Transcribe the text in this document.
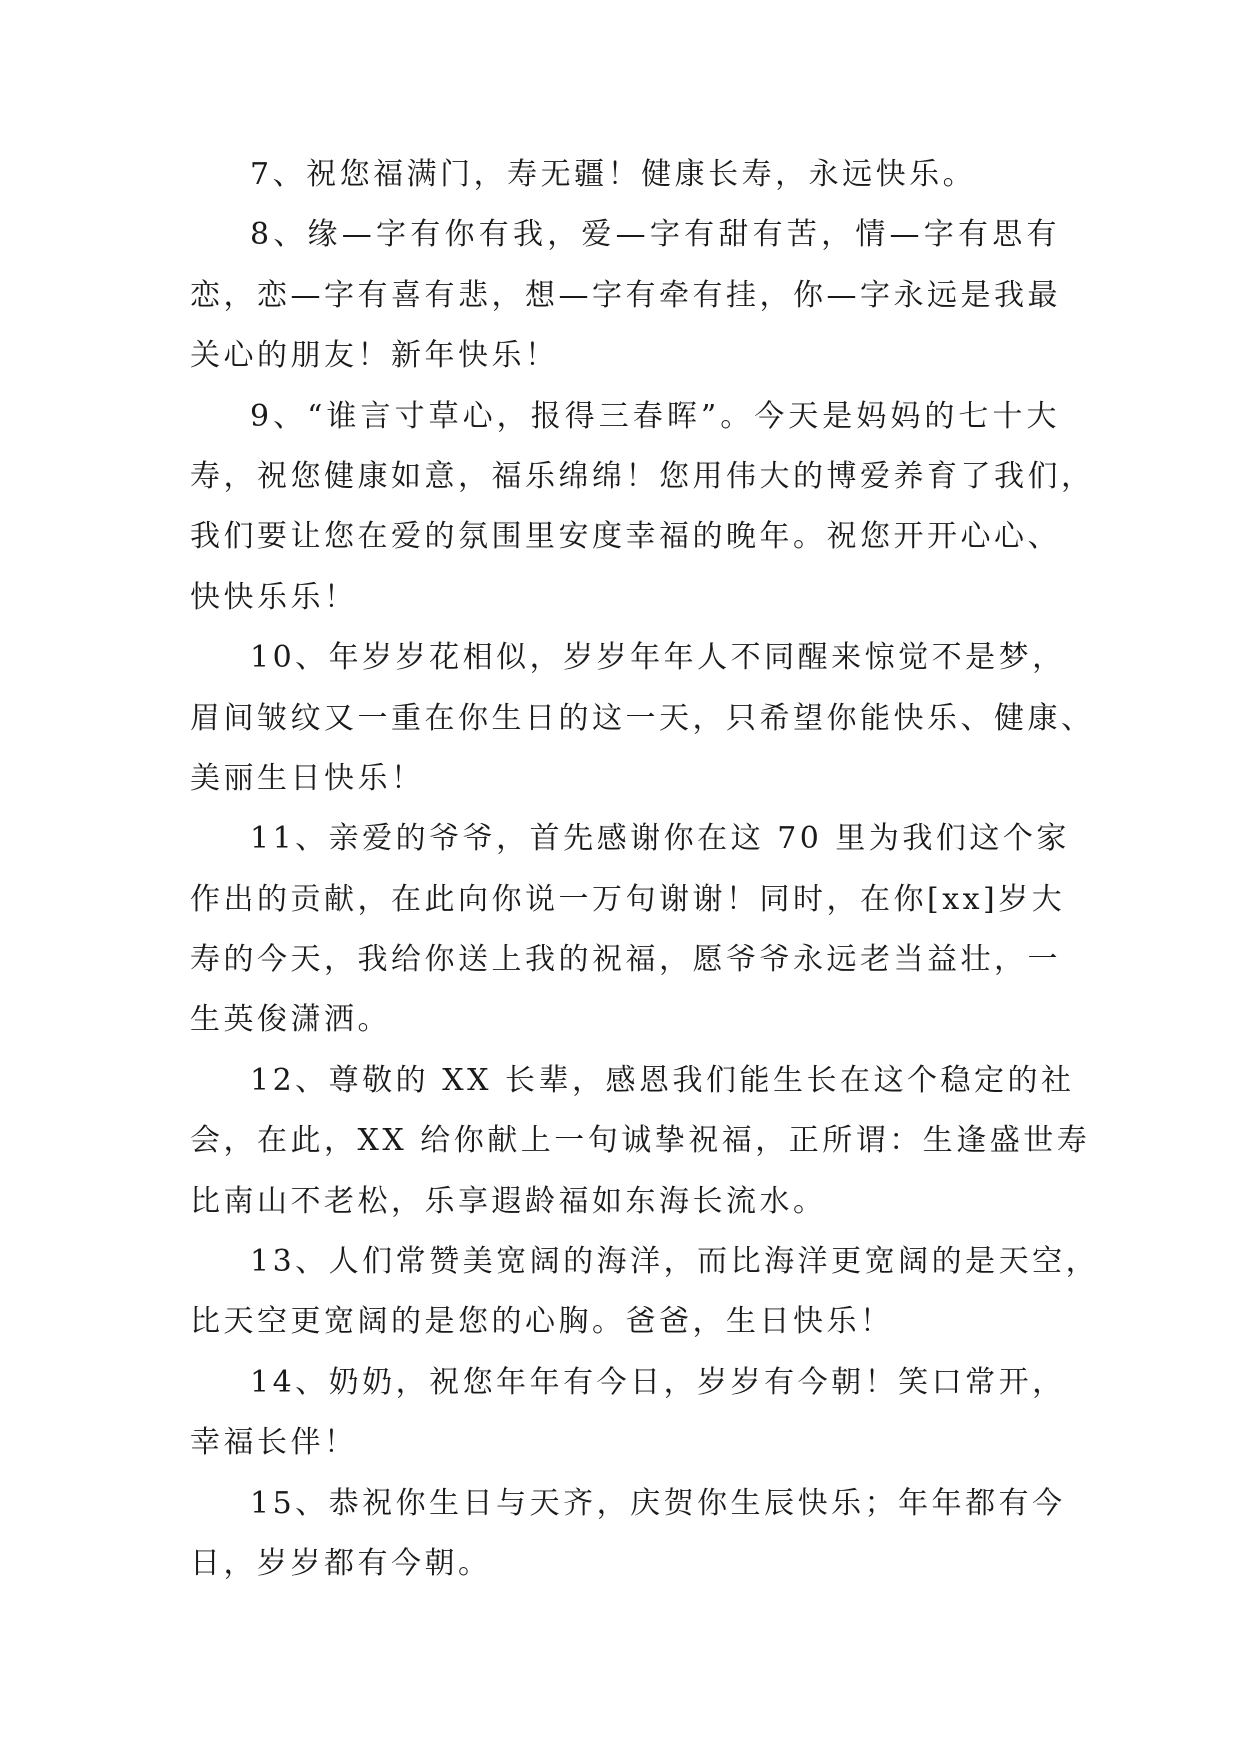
7、祝您福满门，寿无疆！健康长寿，永远快乐。
8、缘—字有你有我，爱—字有甜有苦，情—字有思有
恋，恋—字有喜有悲，想—字有牵有挂，你—字永远是我最
关心的朋友！新年快乐！
9、“谁言寸草心，报得三春晖”。今天是妈妈的七十大
寿，祝您健康如意，福乐绵绵！您用伟大的博爱养育了我们，
我们要让您在爱的氛围里安度幸福的晚年。祝您开开心心、
快快乐乐！
10、年岁岁花相似，岁岁年年人不同醒来惊觉不是梦，
眉间皱纹又一重在你生日的这一天，只希望你能快乐、健康、
美丽生日快乐！
11、亲爱的爷爷，首先感谢你在这 70 里为我们这个家
作出的贡献，在此向你说一万句谢谢！同时，在你[xx]岁大
寿的今天，我给你送上我的祝福，愿爷爷永远老当益壮，一
生英俊潇洒。
12、尊敬的 XX 长辈，感恩我们能生长在这个稳定的社
会，在此，XX 给你献上一句诚挚祝福，正所谓：生逢盛世寿
比南山不老松，乐享遐龄福如东海长流水。
13、人们常赞美宽阔的海洋，而比海洋更宽阔的是天空，
比天空更宽阔的是您的心胸。爸爸，生日快乐！
14、奶奶，祝您年年有今日，岁岁有今朝！笑口常开，
幸福长伴！
15、恭祝你生日与天齐，庆贺你生辰快乐；年年都有今
日，岁岁都有今朝。
